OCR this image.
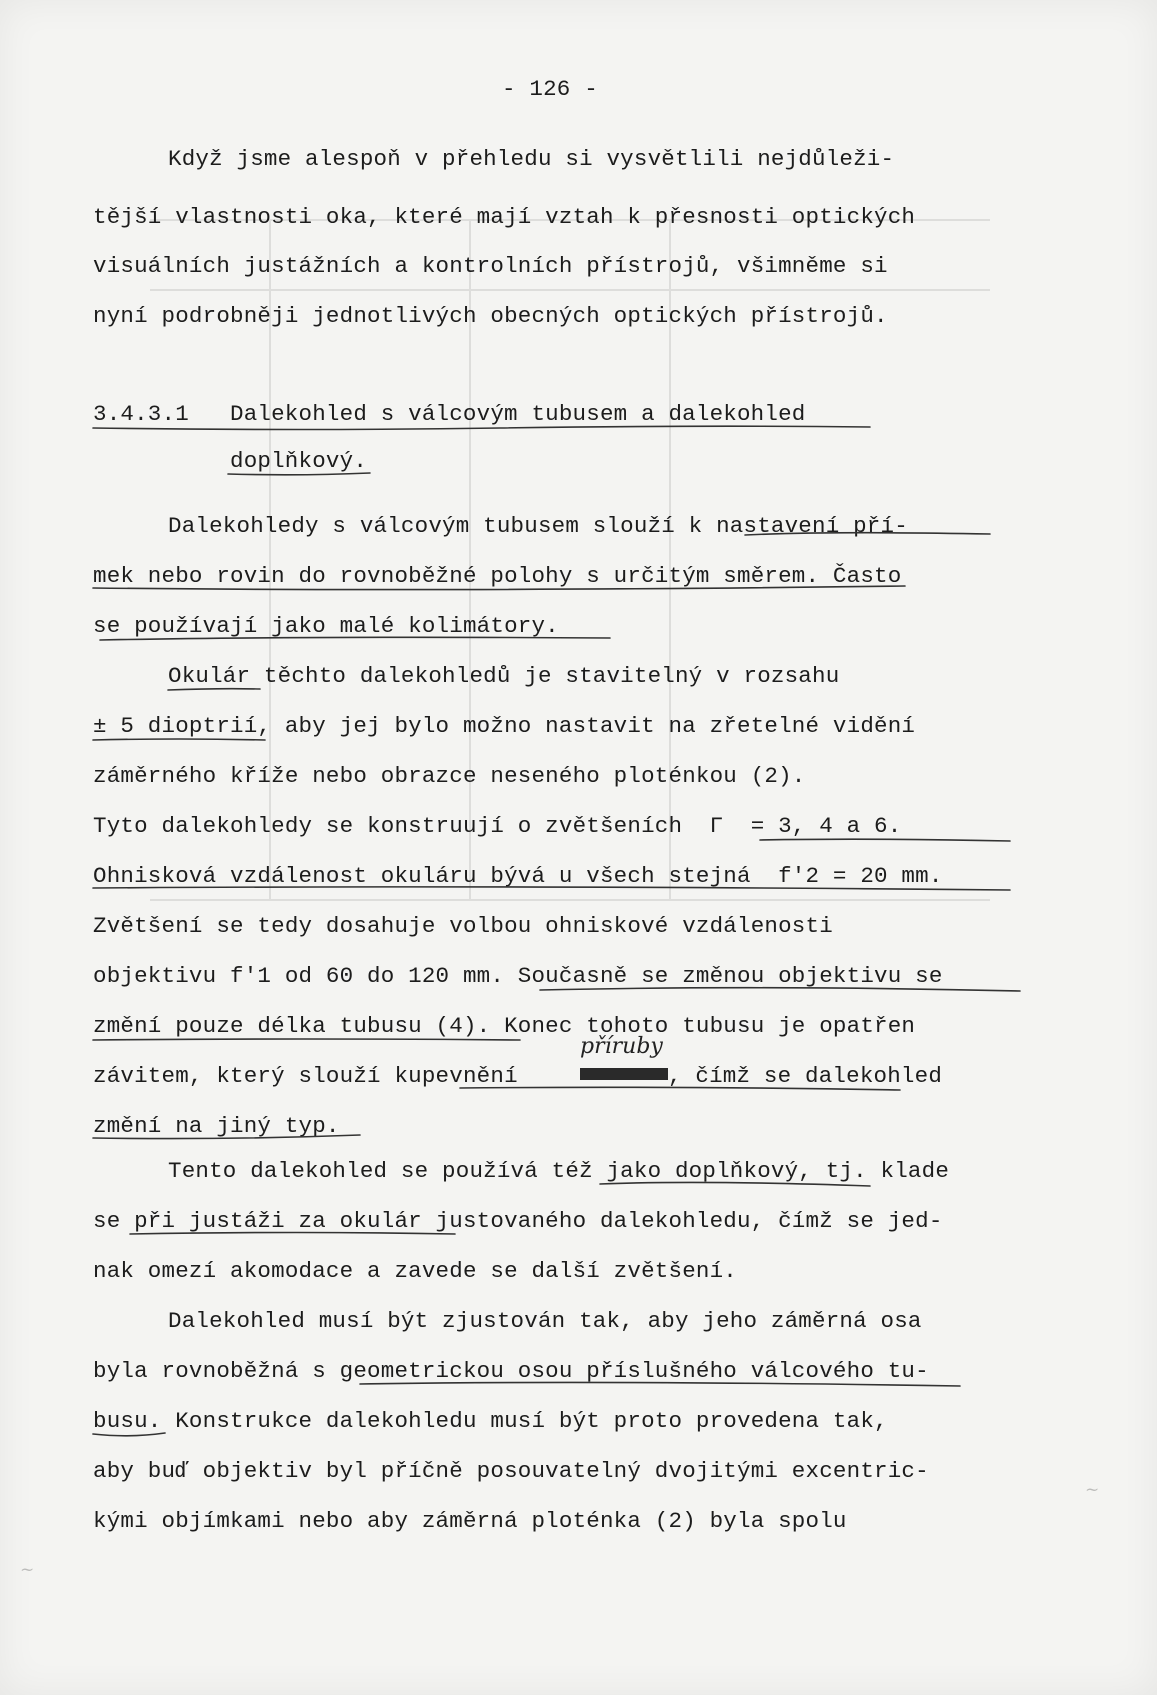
- 126 -
Když jsme alespoň v přehledu si vysvětlili nejdůleži-
tější vlastnosti oka, které mají vztah k přesnosti optických
visuálních justážních a kontrolních přístrojů, všimněme si
nyní podrobněji jednotlivých obecných optických přístrojů.
3.4.3.1 Dalekohled s válcovým tubusem a dalekohled
doplňkový.
Dalekohledy s válcovým tubusem slouží k nastavení pří-
mek nebo rovin do rovnoběžné polohy s určitým směrem. Často
se používají jako malé kolimátory.
Okulár těchto dalekohledů je stavitelný v rozsahu
± 5 dioptrií, aby jej bylo možno nastavit na zřetelné vidění
záměrného kříže nebo obrazce neseného ploténkou (2).
Tyto dalekohledy se konstruují o zvětšeních  Γ  = 3, 4 a 6.
Ohnisková vzdálenost okuláru bývá u všech stejná  f'2 = 20 mm.
Zvětšení se tedy dosahuje volbou ohniskové vzdálenosti
objektivu f'1 od 60 do 120 mm. Současně se změnou objektivu se
změní pouze délka tubusu (4). Konec tohoto tubusu je opatřen
závitem, který slouží kupevnění	, čímž se dalekohled
příruby
změní na jiný typ.
Tento dalekohled se používá též jako doplňkový, tj. klade
se při justáži za okulár justovaného dalekohledu, čímž se jed-
nak omezí akomodace a zavede se další zvětšení.
Dalekohled musí být zjustován tak, aby jeho záměrná osa
byla rovnoběžná s geometrickou osou příslušného válcového tu-
busu. Konstrukce dalekohledu musí být proto provedena tak,
aby buď objektiv byl příčně posouvatelný dvojitými excentric-
kými objímkami nebo aby záměrná ploténka (2) byla spolu
~
~
